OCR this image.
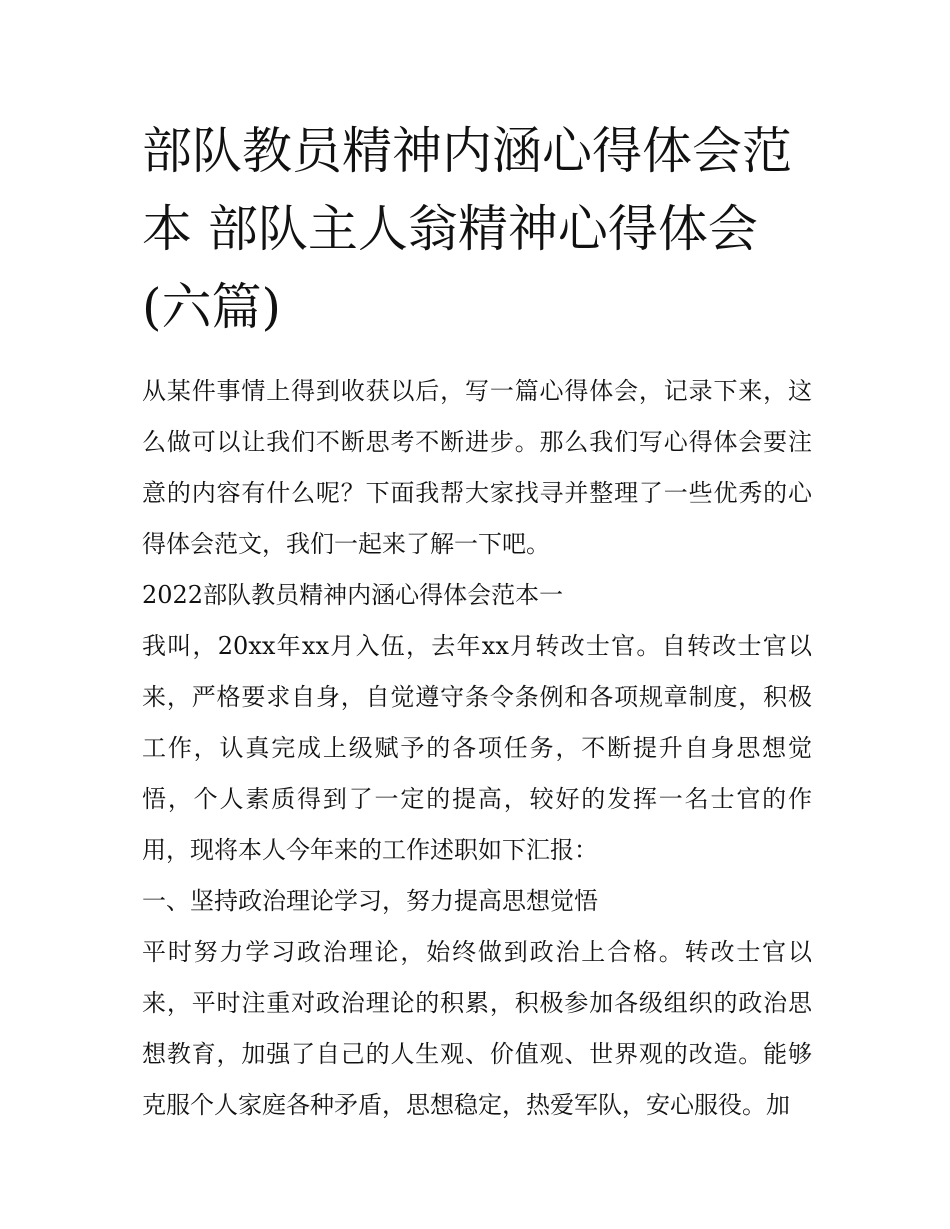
部队教员精神内涵心得体会范
本 部队主人翁精神心得体会
(六篇)

从某件事情上得到收获以后，写一篇心得体会，记录下来，这么做可以让我们不断思考不断进步。那么我们写心得体会要注意的内容有什么呢？下面我帮大家找寻并整理了一些优秀的心得体会范文，我们一起来了解一下吧。

2022部队教员精神内涵心得体会范本一

我叫，20xx年xx月入伍，去年xx月转改士官。自转改士官以来，严格要求自身，自觉遵守条令条例和各项规章制度，积极工作，认真完成上级赋予的各项任务，不断提升自身思想觉悟，个人素质得到了一定的提高，较好的发挥一名士官的作用，现将本人今年来的工作述职如下汇报：

一、坚持政治理论学习，努力提高思想觉悟

平时努力学习政治理论，始终做到政治上合格。转改士官以来，平时注重对政治理论的积累，积极参加各级组织的政治思想教育，加强了自己的人生观、价值观、世界观的改造。能够克服个人家庭各种矛盾，思想稳定，热爱军队，安心服役。加
